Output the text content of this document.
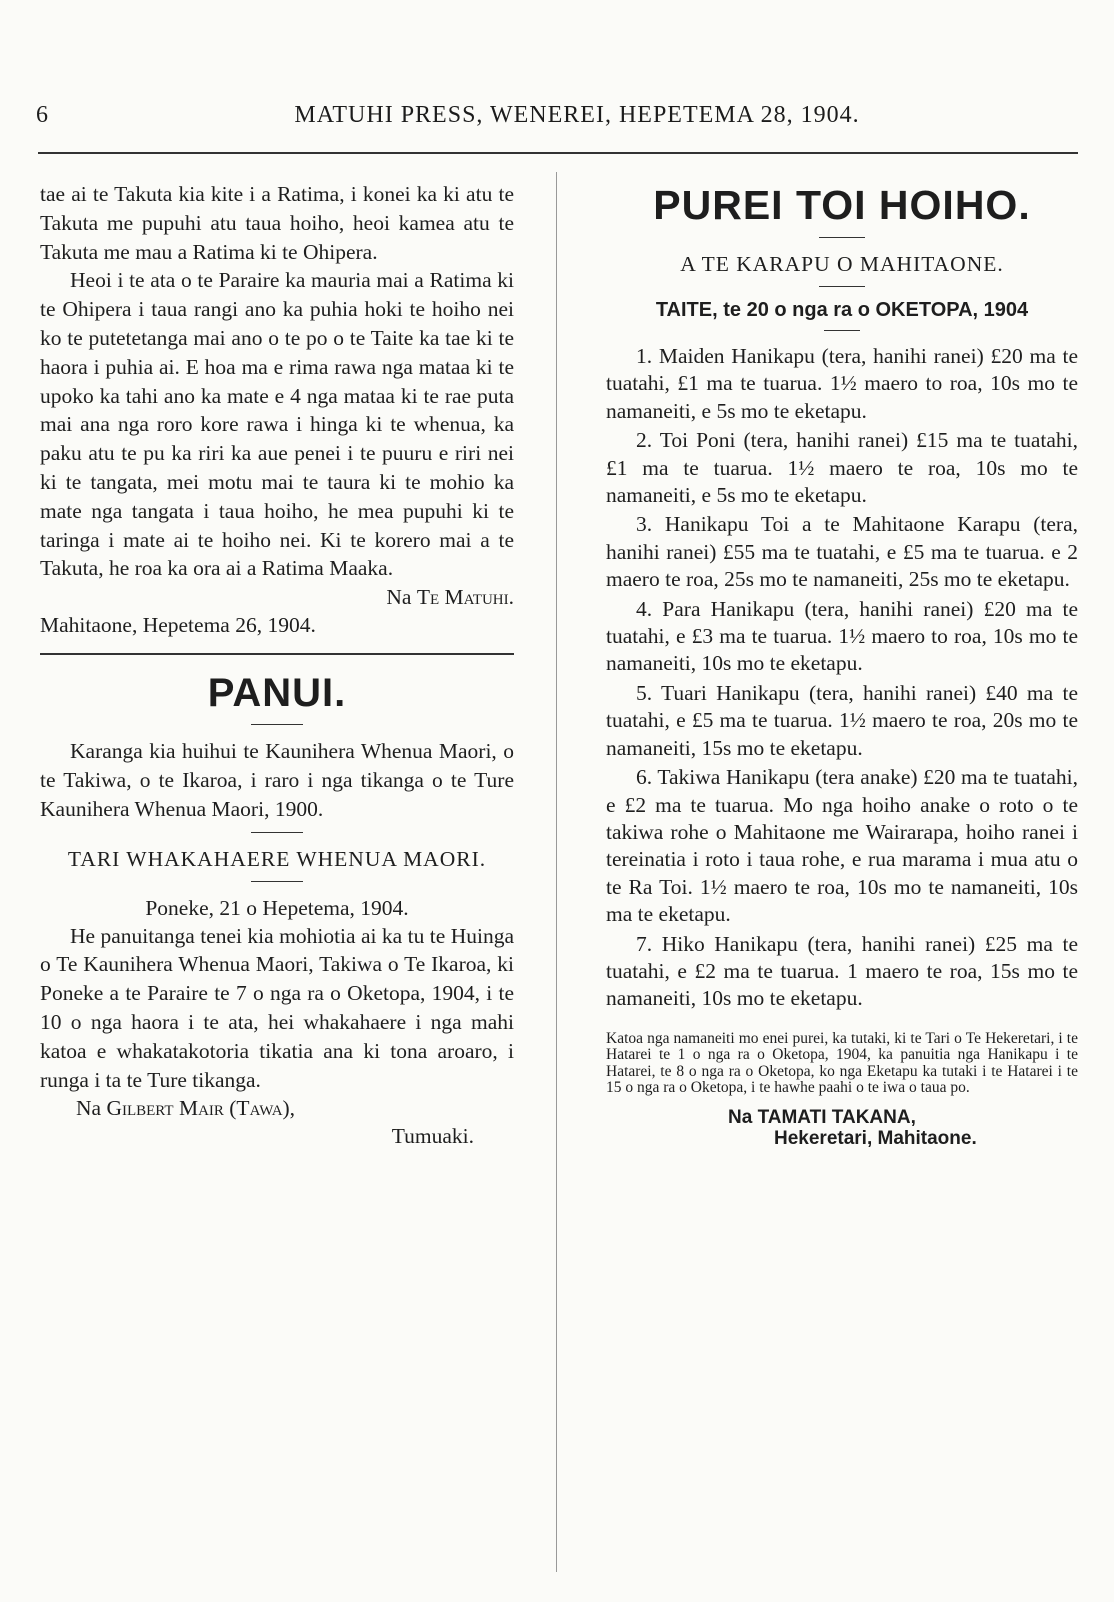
6	MATUHI PRESS, WENEREI, HEPETEMA 28, 1904.

tae ai te Takuta kia kite i a Ratima, i konei ka ki atu te Takuta me pupuhi atu taua hoiho, heoi kamea atu te Takuta me mau a Ratima ki te Ohipera.

Heoi i te ata o te Paraire ka mauria mai a Ratima ki te Ohipera i taua rangi ano ka puhia hoki te hoiho nei ko te putetetanga mai ano o te po o te Taite ka tae ki te haora i puhia ai. E hoa ma e rima rawa nga mataa ki te upoko ka tahi ano ka mate e 4 nga mataa ki te rae puta mai ana nga roro kore rawa i hinga ki te whenua, ka paku atu te pu ka riri ka aue penei i te puuru e riri nei ki te tangata, mei motu mai te taura ki te mohio ka mate nga tangata i taua hoiho, he mea pupuhi ki te taringa i mate ai te hoiho nei. Ki te korero mai a te Takuta, he roa ka ora ai a Ratima Maaka.

Na Te Matuhi.

Mahitaone, Hepetema 26, 1904.

PANUI.

Karanga kia huihui te Kaunihera Whenua Maori, o te Takiwa, o te Ikaroa, i raro i nga tikanga o te Ture Kaunihera Whenua Maori, 1900.

TARI WHAKAHAERE WHENUA MAORI.

Poneke, 21 o Hepetema, 1904.

He panuitanga tenei kia mohiotia ai ka tu te Huinga o Te Kaunihera Whenua Maori, Takiwa o Te Ikaroa, ki Poneke a te Paraire te 7 o nga ra o Oketopa, 1904, i te 10 o nga haora i te ata, hei whakahaere i nga mahi katoa e whakatakotoria tikatia ana ki tona aroaro, i runga i ta te Ture tikanga.

Na Gilbert Mair (Tawa),

Tumuaki.

PUREI TOI HOIHO.

A TE KARAPU O MAHITAONE.

TAITE, te 20 o nga ra o OKETOPA, 1904

1. Maiden Hanikapu (tera, hanihi ranei) £20 ma te tuatahi, £1 ma te tuarua. 1½ maero to roa, 10s mo te namaneiti, e 5s mo te eketapu.

2. Toi Poni (tera, hanihi ranei) £15 ma te tuatahi, £1 ma te tuarua. 1½ maero te roa, 10s mo te namaneiti, e 5s mo te eketapu.

3. Hanikapu Toi a te Mahitaone Karapu (tera, hanihi ranei) £55 ma te tuatahi, e £5 ma te tuarua. e 2 maero te roa, 25s mo te namaneiti, 25s mo te eketapu.

4. Para Hanikapu (tera, hanihi ranei) £20 ma te tuatahi, e £3 ma te tuarua. 1½ maero to roa, 10s mo te namaneiti, 10s mo te eketapu.

5. Tuari Hanikapu (tera, hanihi ranei) £40 ma te tuatahi, e £5 ma te tuarua. 1½ maero te roa, 20s mo te namaneiti, 15s mo te eketapu.

6. Takiwa Hanikapu (tera anake) £20 ma te tuatahi, e £2 ma te tuarua. Mo nga hoiho anake o roto o te takiwa rohe o Mahitaone me Wairarapa, hoiho ranei i tereinatia i roto i taua rohe, e rua marama i mua atu o te Ra Toi. 1½ maero te roa, 10s mo te namaneiti, 10s ma te eketapu.

7. Hiko Hanikapu (tera, hanihi ranei) £25 ma te tuatahi, e £2 ma te tuarua. 1 maero te roa, 15s mo te namaneiti, 10s mo te eketapu.

Katoa nga namaneiti mo enei purei, ka tutaki, ki te Tari o Te Hekeretari, i te Hatarei te 1 o nga ra o Oketopa, 1904, ka panuitia nga Hanikapu i te Hatarei, te 8 o nga ra o Oketopa, ko nga Eketapu ka tutaki i te Hatarei i te 15 o nga ra o Oketopa, i te hawhe paahi o te iwa o taua po.

Na TAMATI TAKANA,

Hekeretari, Mahitaone.
